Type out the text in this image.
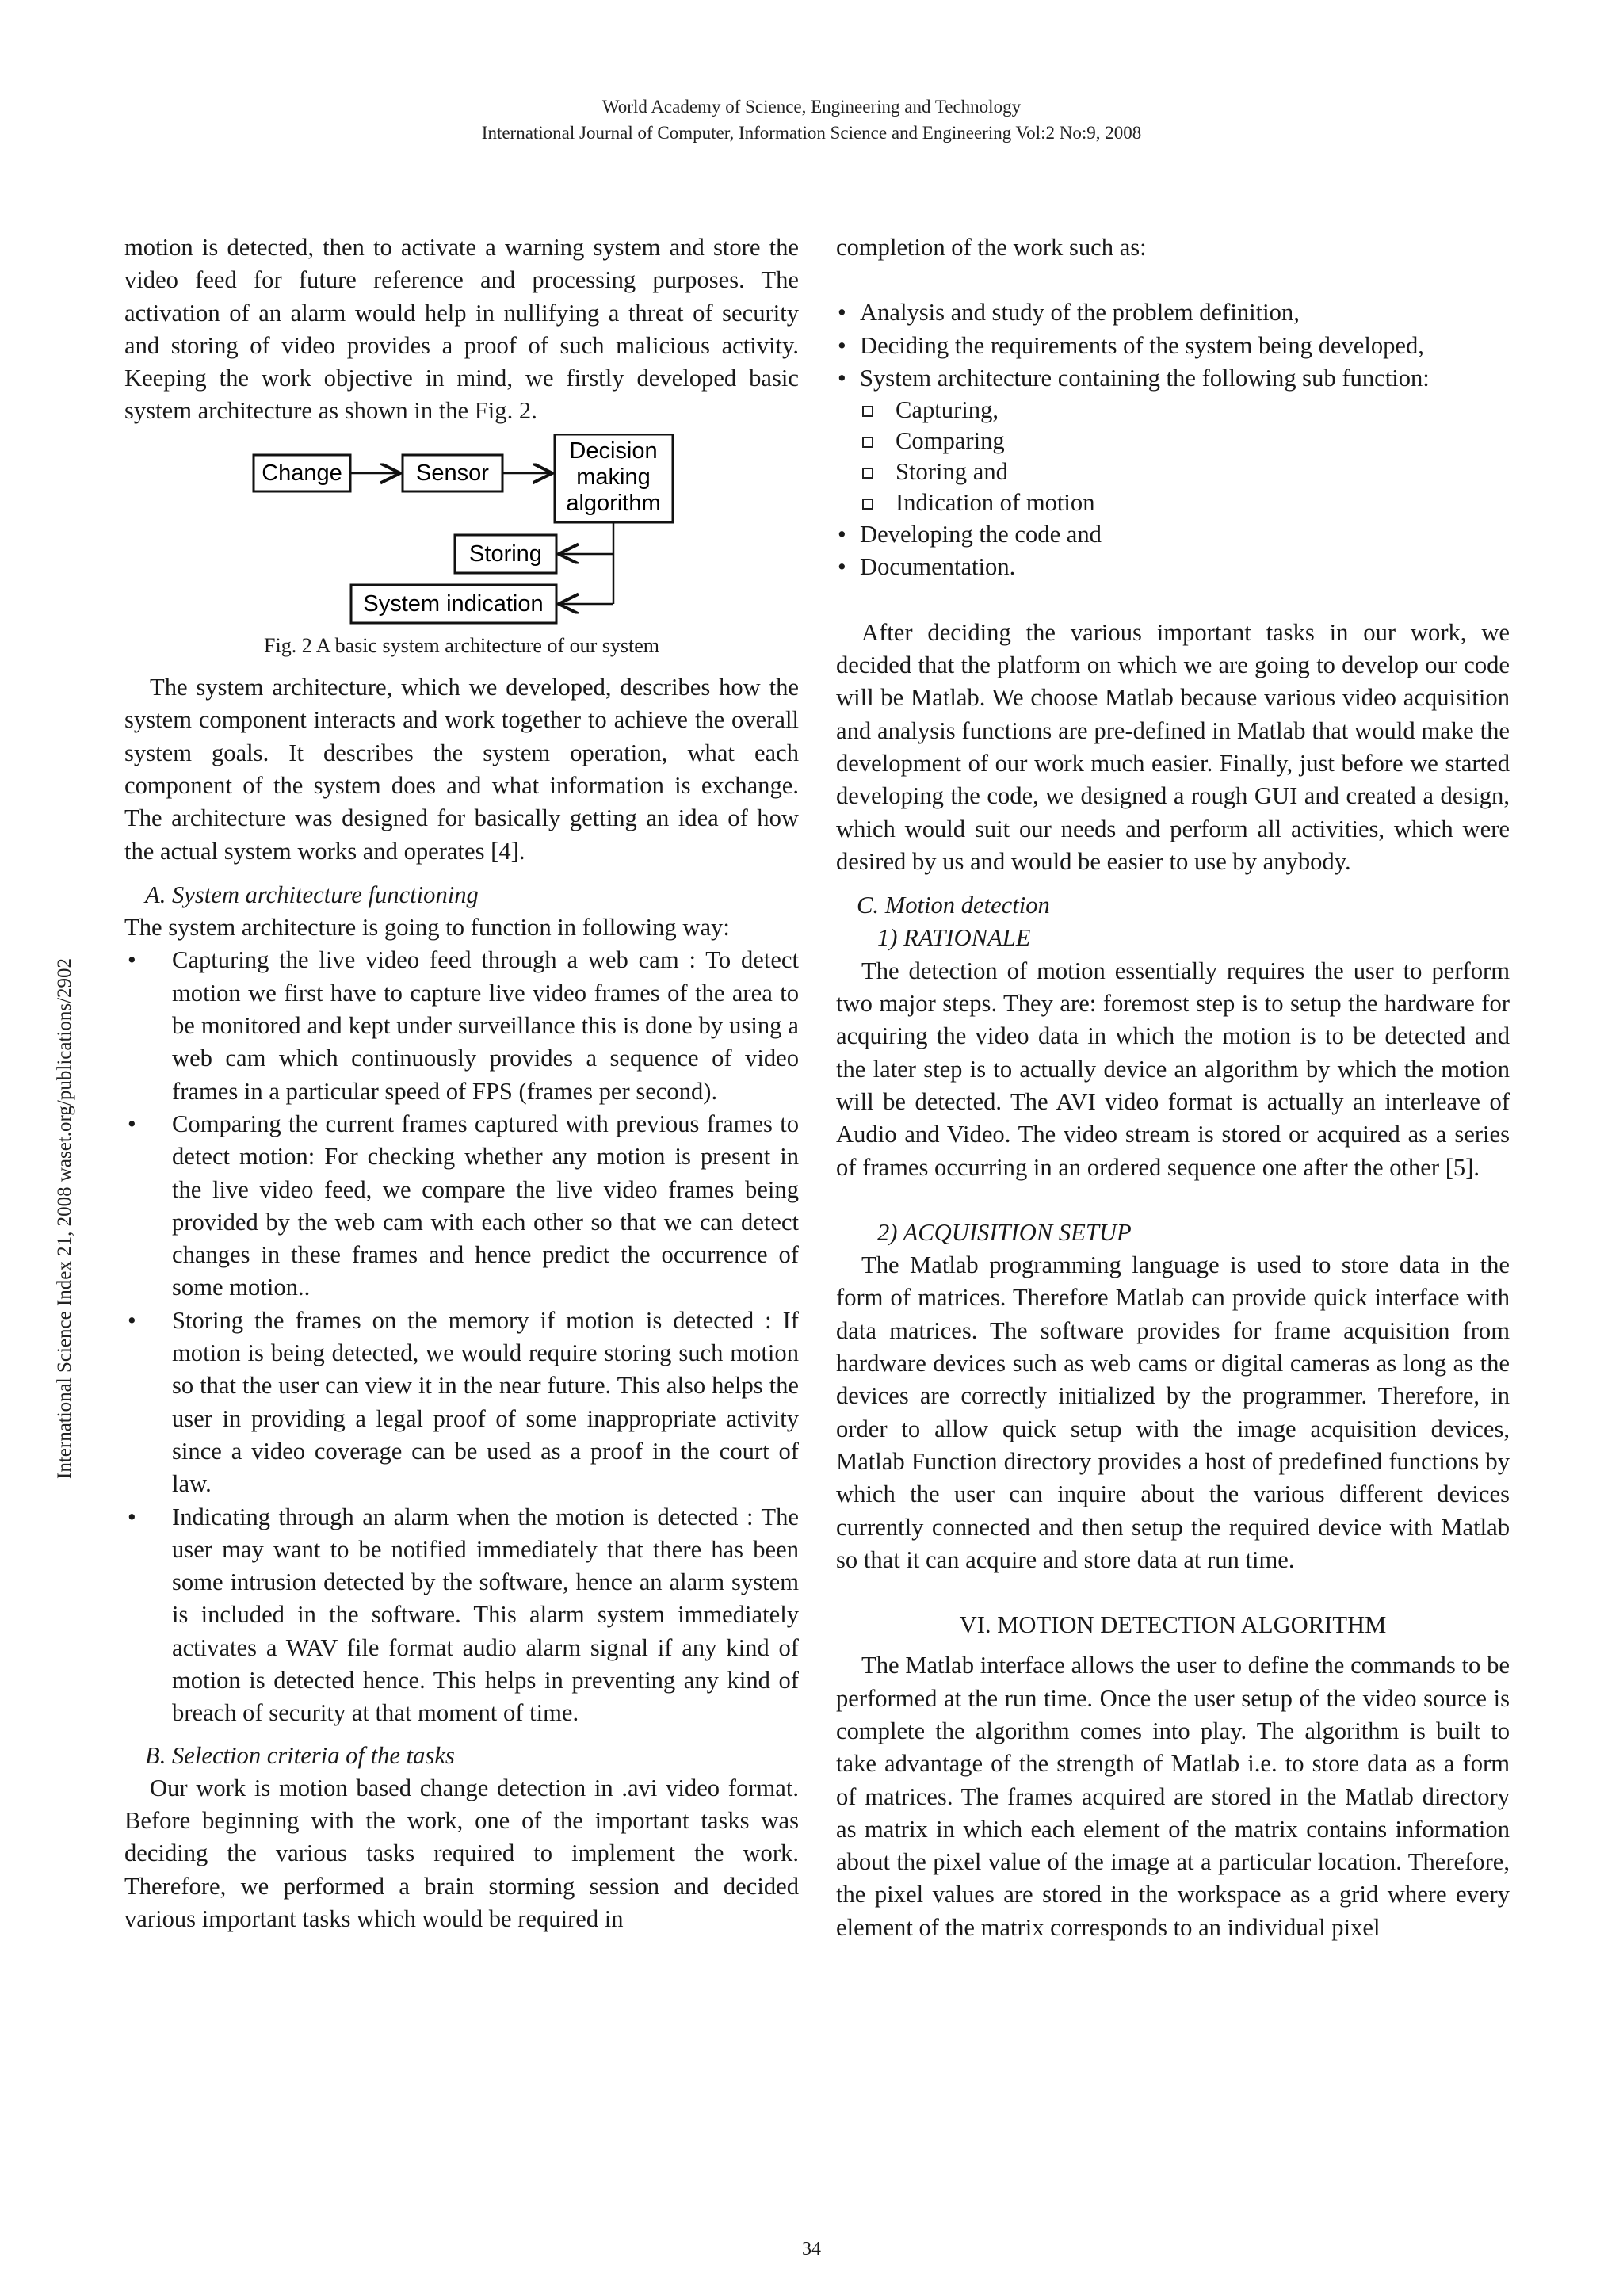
World Academy of Science, Engineering and Technology
International Journal of Computer, Information Science and Engineering Vol:2 No:9, 2008
International Science Index 21, 2008 waset.org/publications/2902

motion is detected, then to activate a warning system and store the video feed for future reference and processing purposes. The activation of an alarm would help in nullifying a threat of security and storing of video provides a proof of such malicious activity. Keeping the work objective in mind, we firstly developed basic system architecture as shown in the Fig. 2.

Change	Sensor
Decision
making
algorithm
Storing
System indication

Fig. 2 A basic system architecture of our system

The system architecture, which we developed, describes how the system component interacts and work together to achieve the overall system goals. It describes the system operation, what each component of the system does and what information is exchange. The architecture was designed for basically getting an idea of how the actual system works and operates [4].

A. System architecture functioning

The system architecture is going to function in following way:

• Capturing the live video feed through a web cam : To detect motion we first have to capture live video frames of the area to be monitored and kept under surveillance this is done by using a web cam which continuously provides a sequence of video frames in a particular speed of FPS (frames per second).
• Comparing the current frames captured with previous frames to detect motion: For checking whether any motion is present in the live video feed, we compare the live video frames being provided by the web cam with each other so that we can detect changes in these frames and hence predict the occurrence of some motion..
• Storing the frames on the memory if motion is detected : If motion is being detected, we would require storing such motion so that the user can view it in the near future. This also helps the user in providing a legal proof of some inappropriate activity since a video coverage can be used as a proof in the court of law.
• Indicating through an alarm when the motion is detected : The user may want to be notified immediately that there has been some intrusion detected by the software, hence an alarm system is included in the software. This alarm system immediately activates a WAV file format audio alarm signal if any kind of motion is detected hence. This helps in preventing any kind of breach of security at that moment of time.

B. Selection criteria of the tasks

Our work is motion based change detection in .avi video format. Before beginning with the work, one of the important tasks was deciding the various tasks required to implement the work. Therefore, we performed a brain storming session and decided various important tasks which would be required in

completion of the work such as:

• Analysis and study of the problem definition,
• Deciding the requirements of the system being developed,
• System architecture containing the following sub function:
Capturing,
Comparing
Storing and
Indication of motion
• Developing the code and
• Documentation.

After deciding the various important tasks in our work, we decided that the platform on which we are going to develop our code will be Matlab. We choose Matlab because various video acquisition and analysis functions are pre-defined in Matlab that would make the development of our work much easier. Finally, just before we started developing the code, we designed a rough GUI and created a design, which would suit our needs and perform all activities, which were desired by us and would be easier to use by anybody.

C. Motion detection

1) RATIONALE

The detection of motion essentially requires the user to perform two major steps. They are: foremost step is to setup the hardware for acquiring the video data in which the motion is to be detected and the later step is to actually device an algorithm by which the motion will be detected. The AVI video format is actually an interleave of Audio and Video. The video stream is stored or acquired as a series of frames occurring in an ordered sequence one after the other [5].

2) ACQUISITION SETUP

The Matlab programming language is used to store data in the form of matrices. Therefore Matlab can provide quick interface with data matrices. The software provides for frame acquisition from hardware devices such as web cams or digital cameras as long as the devices are correctly initialized by the programmer. Therefore, in order to allow quick setup with the image acquisition devices, Matlab Function directory provides a host of predefined functions by which the user can inquire about the various different devices currently connected and then setup the required device with Matlab so that it can acquire and store data at run time.

VI. MOTION DETECTION ALGORITHM

The Matlab interface allows the user to define the commands to be performed at the run time. Once the user setup of the video source is complete the algorithm comes into play. The algorithm is built to take advantage of the strength of Matlab i.e. to store data as a form of matrices. The frames acquired are stored in the Matlab directory as matrix in which each element of the matrix contains information about the pixel value of the image at a particular location. Therefore, the pixel values are stored in the workspace as a grid where every element of the matrix corresponds to an individual pixel

34
